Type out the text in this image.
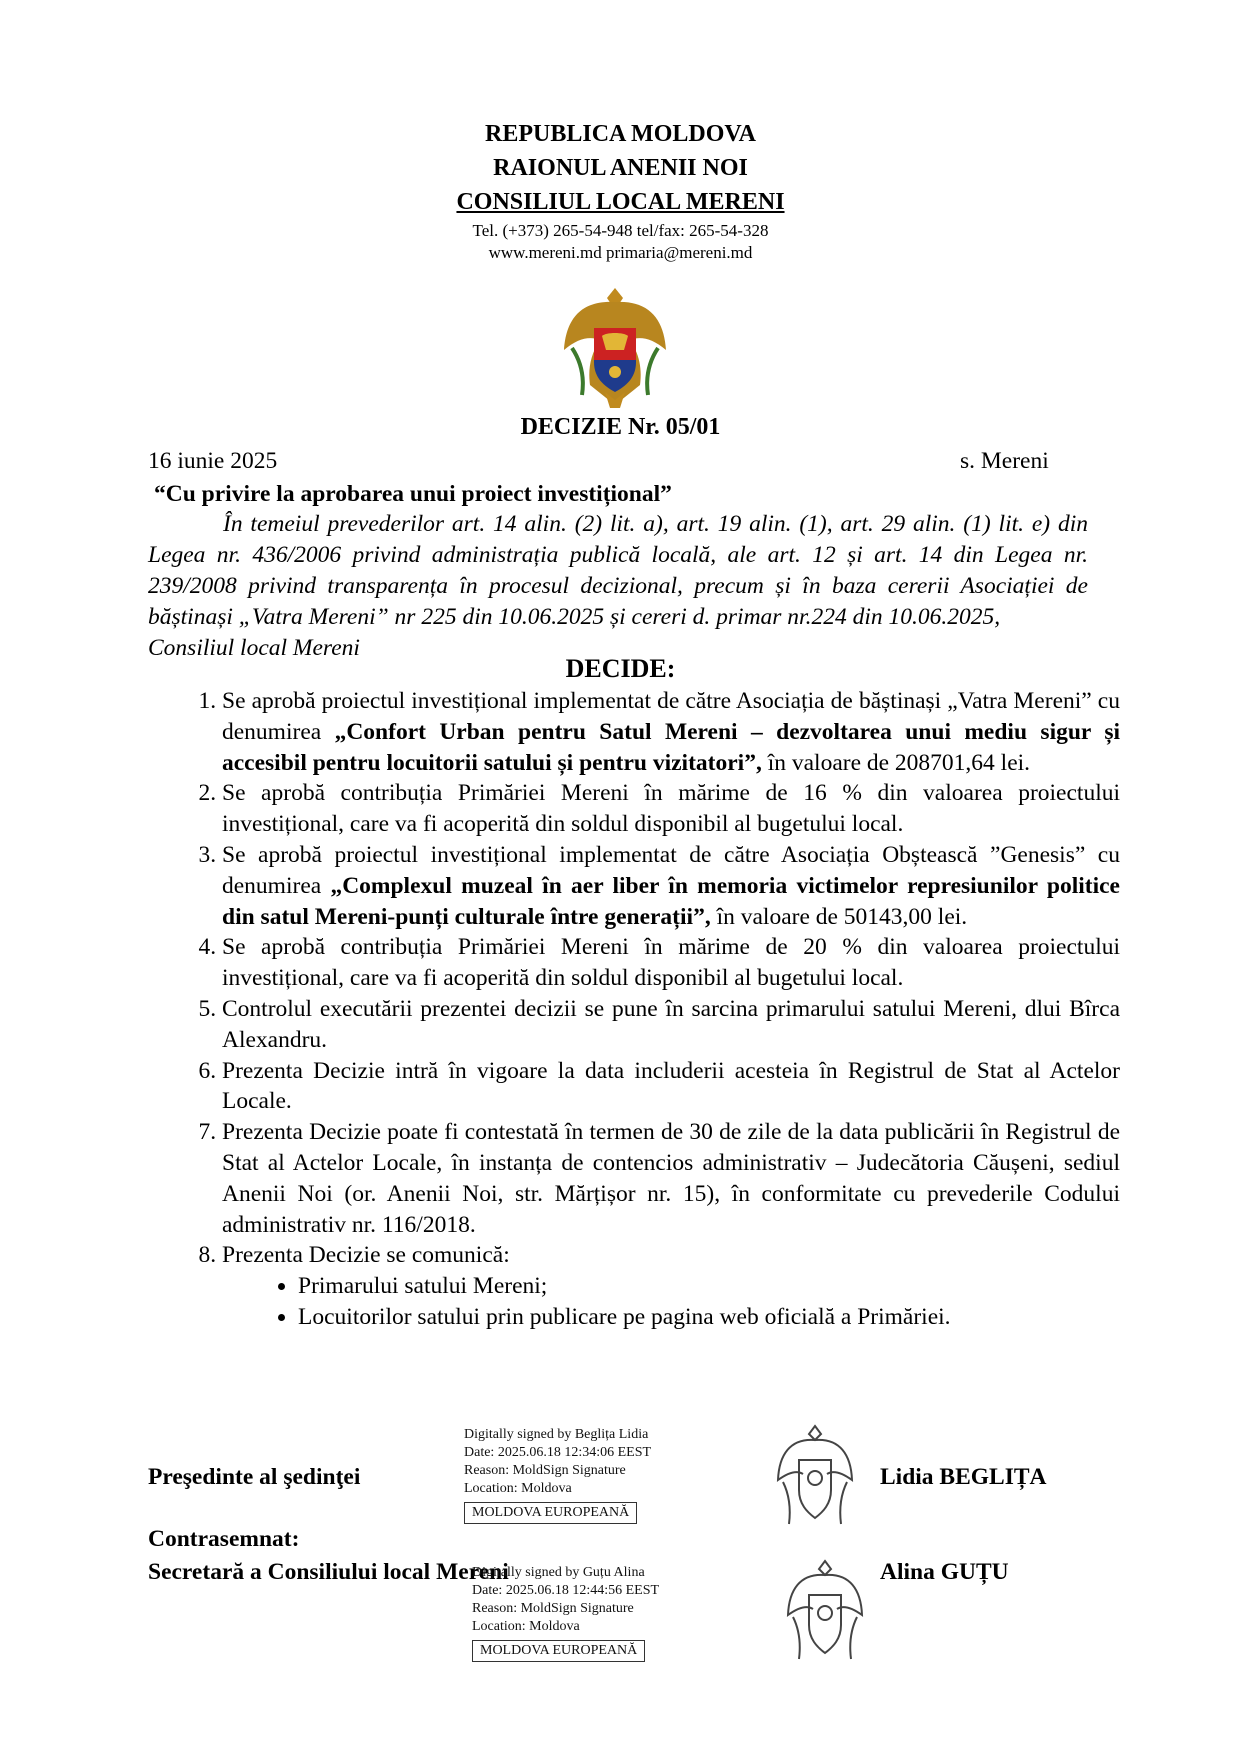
REPUBLICA MOLDOVA
RAIONUL ANENII NOI
CONSILIUL LOCAL MERENI
Tel. (+373) 265-54-948 tel/fax: 265-54-328
www.mereni.md primaria@mereni.md
DECIZIE Nr. 05/01
16 iunie 2025	s. Mereni
“Cu privire la aprobarea unui proiect investițional”
În temeiul prevederilor art. 14 alin. (2) lit. a), art. 19 alin. (1), art. 29 alin. (1) lit. e) din Legea nr. 436/2006 privind administrația publică locală, ale art. 12 și art. 14 din Legea nr. 239/2008 privind transparența în procesul decizional, precum și în baza cererii Asociației de băștinași „Vatra Mereni” nr 225 din 10.06.2025 și cereri d. primar nr.224 din 10.06.2025,
Consiliul local Mereni
DECIDE:
1. Se aprobă proiectul investițional implementat de către Asociația de băștinași „Vatra Mereni” cu denumirea „Confort Urban pentru Satul Mereni – dezvoltarea unui mediu sigur și accesibil pentru locuitorii satului și pentru vizitatori”, în valoare de 208701,64 lei.
2. Se aprobă contribuția Primăriei Mereni în mărime de 16 % din valoarea proiectului investițional, care va fi acoperită din soldul disponibil al bugetului local.
3. Se aprobă proiectul investițional implementat de către Asociația Obștească ”Genesis” cu denumirea „Complexul muzeal în aer liber în memoria victimelor represiunilor politice din satul Mereni-punți culturale între generații”, în valoare de 50143,00 lei.
4. Se aprobă contribuția Primăriei Mereni în mărime de 20 % din valoarea proiectului investițional, care va fi acoperită din soldul disponibil al bugetului local.
5. Controlul executării prezentei decizii se pune în sarcina primarului satului Mereni, dlui Bîrca Alexandru.
6. Prezenta Decizie intră în vigoare la data includerii acesteia în Registrul de Stat al Actelor Locale.
7. Prezenta Decizie poate fi contestată în termen de 30 de zile de la data publicării în Registrul de Stat al Actelor Locale, în instanța de contencios administrativ – Judecătoria Căușeni, sediul Anenii Noi (or. Anenii Noi, str. Mărțișor nr. 15), în conformitate cu prevederile Codului administrativ nr. 116/2018.
8. Prezenta Decizie se comunică:
• Primarului satului Mereni;
• Locuitorilor satului prin publicare pe pagina web oficială a Primăriei.
Preşedinte al şedinţei	Lidia BEGLIȚA
Digitally signed by Beglița Lidia
Date: 2025.06.18 12:34:06 EEST
Reason: MoldSign Signature
Location: Moldova
MOLDOVA EUROPEANĂ
Contrasemnat:
Secretară a Consiliului local Mereni	Alina GUȚU
Digitally signed by Guțu Alina
Date: 2025.06.18 12:44:56 EEST
Reason: MoldSign Signature
Location: Moldova
MOLDOVA EUROPEANĂ
